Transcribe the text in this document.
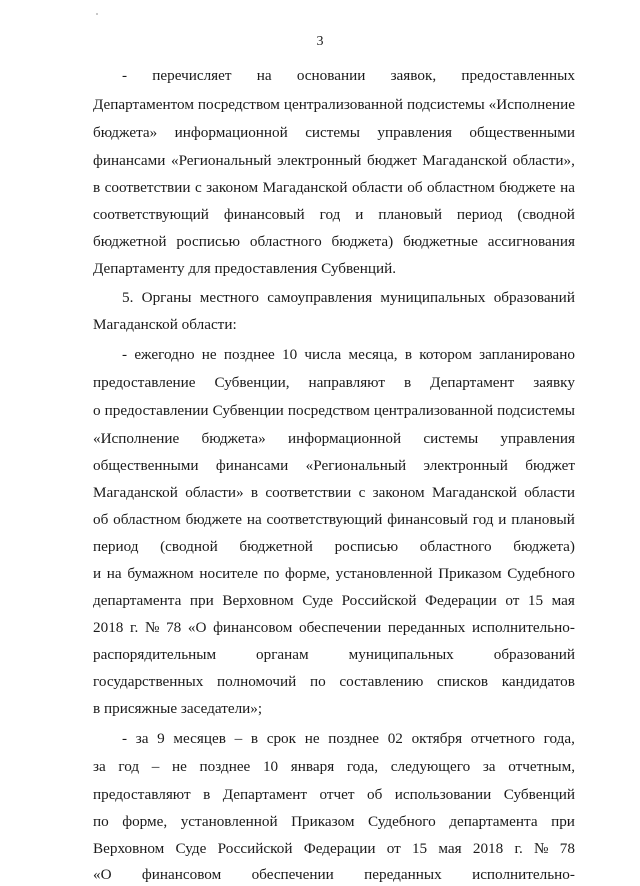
3
- перечисляет на основании заявок, предоставленных
Департаментом посредством централизованной подсистемы «Исполнение
бюджета» информационной системы управления общественными
финансами «Региональный электронный бюджет Магаданской области»,
в соответствии с законом Магаданской области об областном бюджете на
соответствующий финансовый год и плановый период (сводной
бюджетной росписью областного бюджета) бюджетные ассигнования
Департаменту для предоставления Субвенций.
5. Органы местного самоуправления муниципальных образований
Магаданской области:
- ежегодно не позднее 10 числа месяца, в котором запланировано
предоставление Субвенции, направляют в Департамент заявку
о предоставлении Субвенции посредством централизованной подсистемы
«Исполнение бюджета» информационной системы управления
общественными финансами «Региональный электронный бюджет
Магаданской области» в соответствии с законом Магаданской области
об областном бюджете на соответствующий финансовый год и плановый
период (сводной бюджетной росписью областного бюджета)
и на бумажном носителе по форме, установленной Приказом Судебного
департамента при Верховном Суде Российской Федерации от 15 мая
2018 г. № 78 «О финансовом обеспечении переданных исполнительно-
распорядительным	органам	муниципальных	образований
государственных полномочий по составлению списков кандидатов
в присяжные заседатели»;
- за 9 месяцев – в срок не позднее 02 октября отчетного года,
за год – не позднее 10 января года, следующего за отчетным,
предоставляют в Департамент отчет об использовании Субвенций
по форме, установленной Приказом Судебного департамента при
Верховном Суде Российской Федерации от 15 мая 2018 г. № 78
«О финансовом обеспечении переданных исполнительно-
